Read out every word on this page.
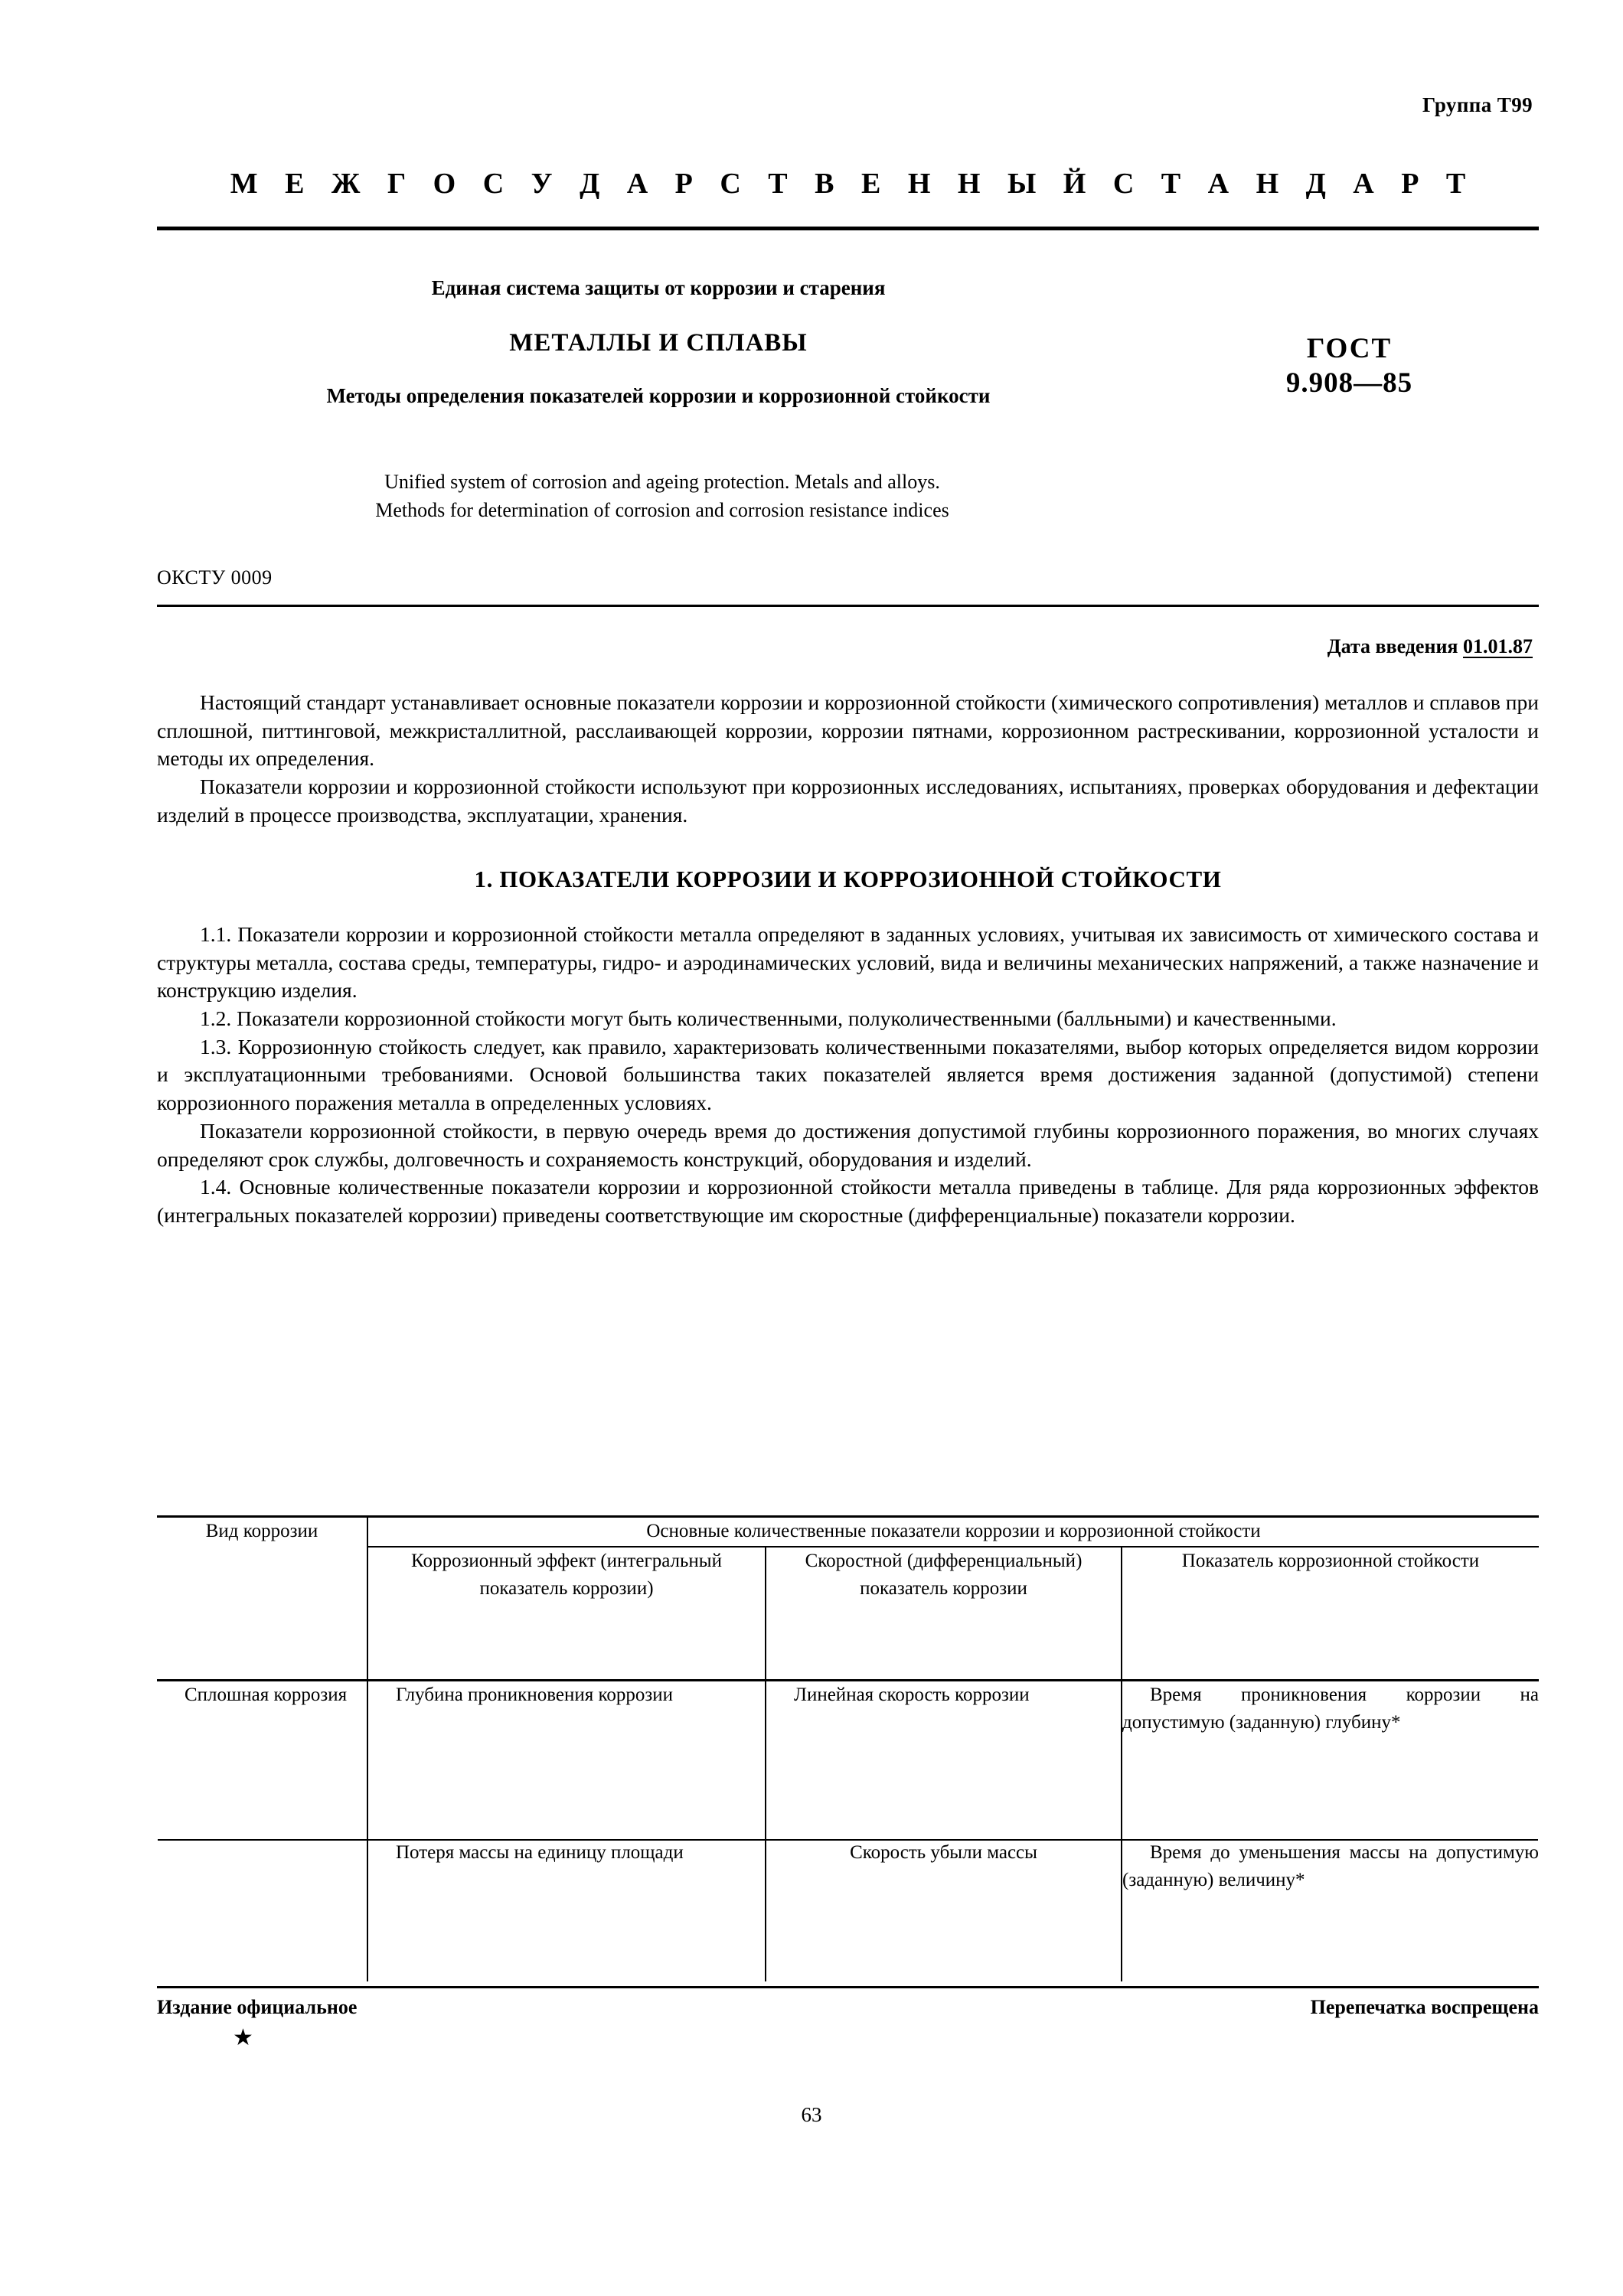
Группа Т99
М Е Ж Г О С У Д А Р С Т В Е Н Н Ы Й С Т А Н Д А Р Т
Единая система защиты от коррозии и старения
МЕТАЛЛЫ И СПЛАВЫ
Методы определения показателей коррозии и коррозионной стойкости
ГОСТ
9.908—85
Unified system of corrosion and ageing protection. Metals and alloys.
Methods for determination of corrosion and corrosion resistance indices
ОКСТУ 0009
Дата введения 01.01.87

Настоящий стандарт устанавливает основные показатели коррозии и коррозионной стойкости (химического сопротивления) металлов и сплавов при сплошной, питтинговой, межкристаллитной, расслаивающей коррозии, коррозии пятнами, коррозионном растрескивании, коррозионной усталости и методы их определения.

Показатели коррозии и коррозионной стойкости используют при коррозионных исследованиях, испытаниях, проверках оборудования и дефектации изделий в процессе производства, эксплуатации, хранения.

1. ПОКАЗАТЕЛИ КОРРОЗИИ И КОРРОЗИОННОЙ СТОЙКОСТИ

1.1. Показатели коррозии и коррозионной стойкости металла определяют в заданных условиях, учитывая их зависимость от химического состава и структуры металла, состава среды, температуры, гидро- и аэродинамических условий, вида и величины механических напряжений, а также назначение и конструкцию изделия.

1.2. Показатели коррозионной стойкости могут быть количественными, полуколичественными (балльными) и качественными.

1.3. Коррозионную стойкость следует, как правило, характеризовать количественными показателями, выбор которых определяется видом коррозии и эксплуатационными требованиями. Основой большинства таких показателей является время достижения заданной (допустимой) степени коррозионного поражения металла в определенных условиях.

Показатели коррозионной стойкости, в первую очередь время до достижения допустимой глубины коррозионного поражения, во многих случаях определяют срок службы, долговечность и сохраняемость конструкций, оборудования и изделий.

1.4. Основные количественные показатели коррозии и коррозионной стойкости металла приведены в таблице. Для ряда коррозионных эффектов (интегральных показателей коррозии) приведены соответствующие им скоростные (дифференциальные) показатели коррозии.

Вид коррозии	Основные количественные показатели коррозии и коррозионной стойкости		
	Коррозионный эффект (интегральный показатель коррозии)	Скоростной (дифференциальный) показатель коррозии	Показатель коррозионной стойкости
Сплошная коррозия	Глубина проникновения коррозии	Линейная скорость коррозии	Время проникновения коррозии на допустимую (заданную) глубину*
	Потеря массы на единицу площади	Скорость убыли массы	Время до уменьшения массы на допустимую (заданную) величину*
Издание официальное	Перепечатка воспрещена
★
63
